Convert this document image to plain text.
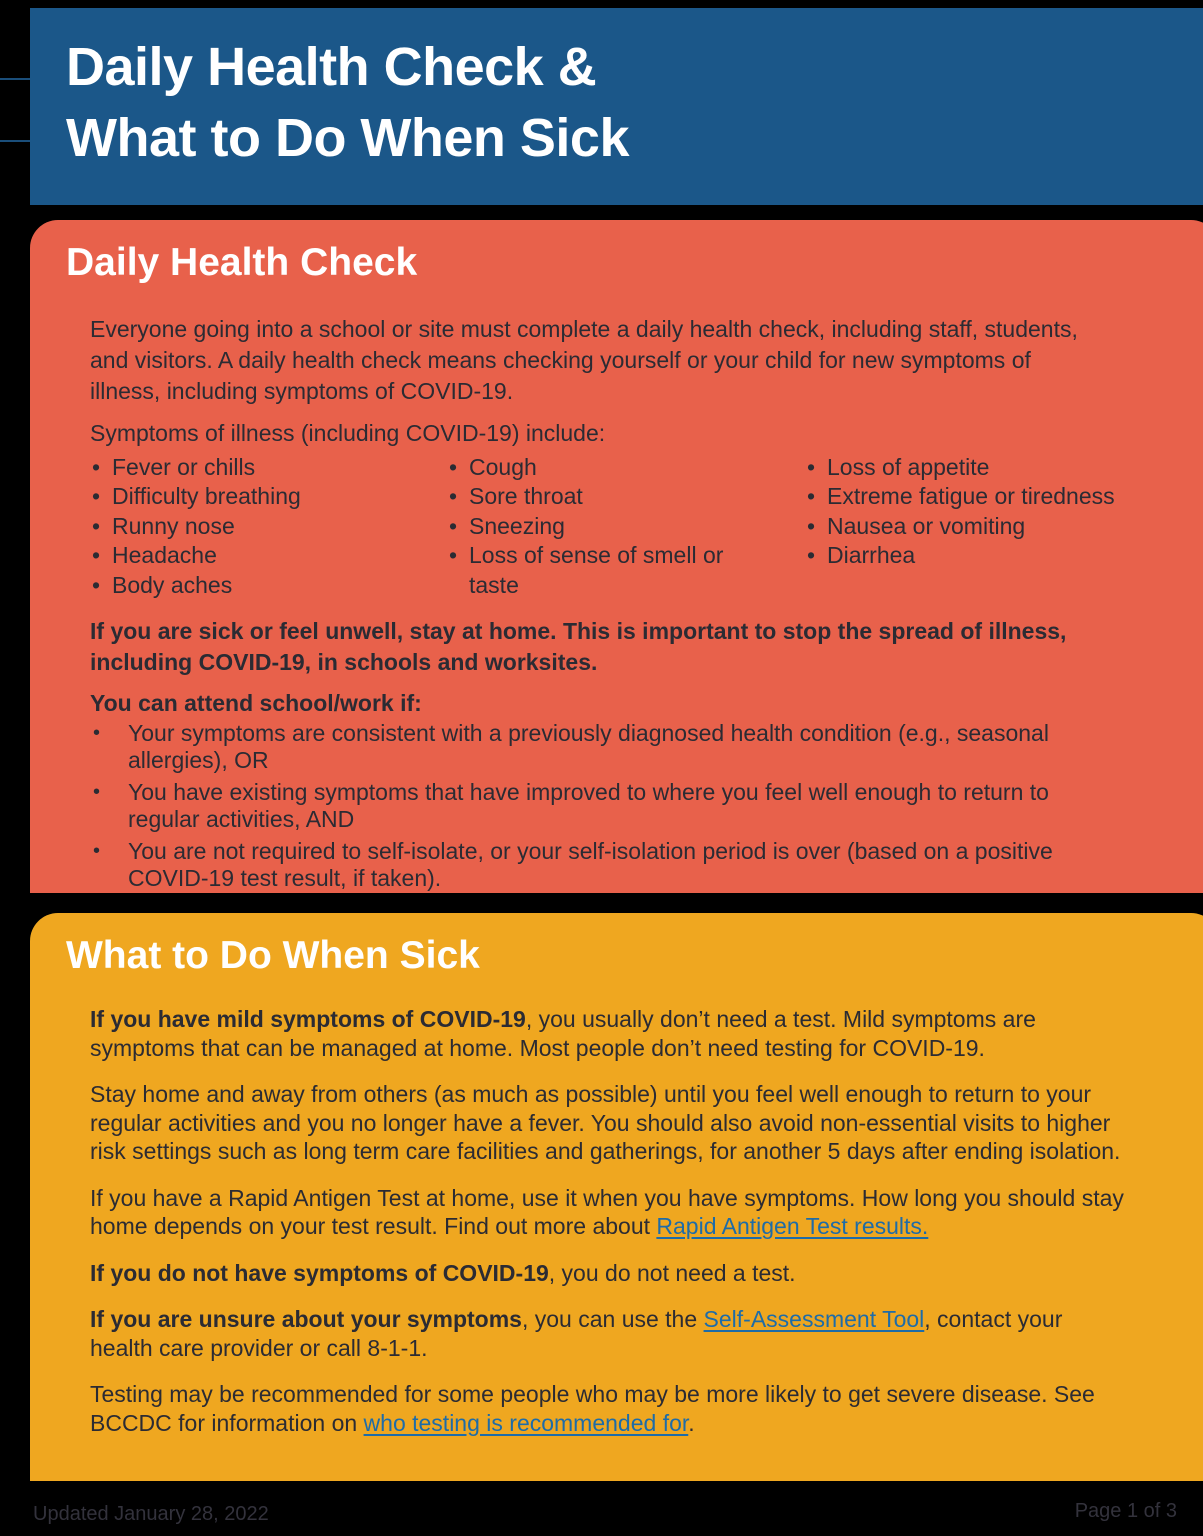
Daily Health Check &
What to Do When Sick
Daily Health Check

Everyone going into a school or site must complete a daily health check, including staff, students, and visitors. A daily health check means checking yourself or your child for new symptoms of illness, including symptoms of COVID-19.

Symptoms of illness (including COVID-19) include:

• Fever or chills
• Difficulty breathing
• Runny nose
• Headache
• Body aches
• Cough
• Sore throat
• Sneezing
• Loss of sense of smell or taste
• Loss of appetite
• Extreme fatigue or tiredness
• Nausea or vomiting
• Diarrhea

If you are sick or feel unwell, stay at home. This is important to stop the spread of illness, including COVID-19, in schools and worksites.

You can attend school/work if:

• Your symptoms are consistent with a previously diagnosed health condition (e.g., seasonal allergies), OR
• You have existing symptoms that have improved to where you feel well enough to return to regular activities, AND
• You are not required to self-isolate, or your self-isolation period is over (based on a positive COVID-19 test result, if taken).
What to Do When Sick

If you have mild symptoms of COVID-19, you usually don’t need a test. Mild symptoms are symptoms that can be managed at home. Most people don’t need testing for COVID-19.

Stay home and away from others (as much as possible) until you feel well enough to return to your regular activities and you no longer have a fever. You should also avoid non-essential visits to higher risk settings such as long term care facilities and gatherings, for another 5 days after ending isolation.

If you have a Rapid Antigen Test at home, use it when you have symptoms. How long you should stay home depends on your test result. Find out more about Rapid Antigen Test results.

If you do not have symptoms of COVID-19, you do not need a test.

If you are unsure about your symptoms, you can use the Self-Assessment Tool, contact your health care provider or call 8-1-1.

Testing may be recommended for some people who may be more likely to get severe disease. See BCCDC for information on who testing is recommended for.

Updated January 28, 2022	Page 1 of 3
